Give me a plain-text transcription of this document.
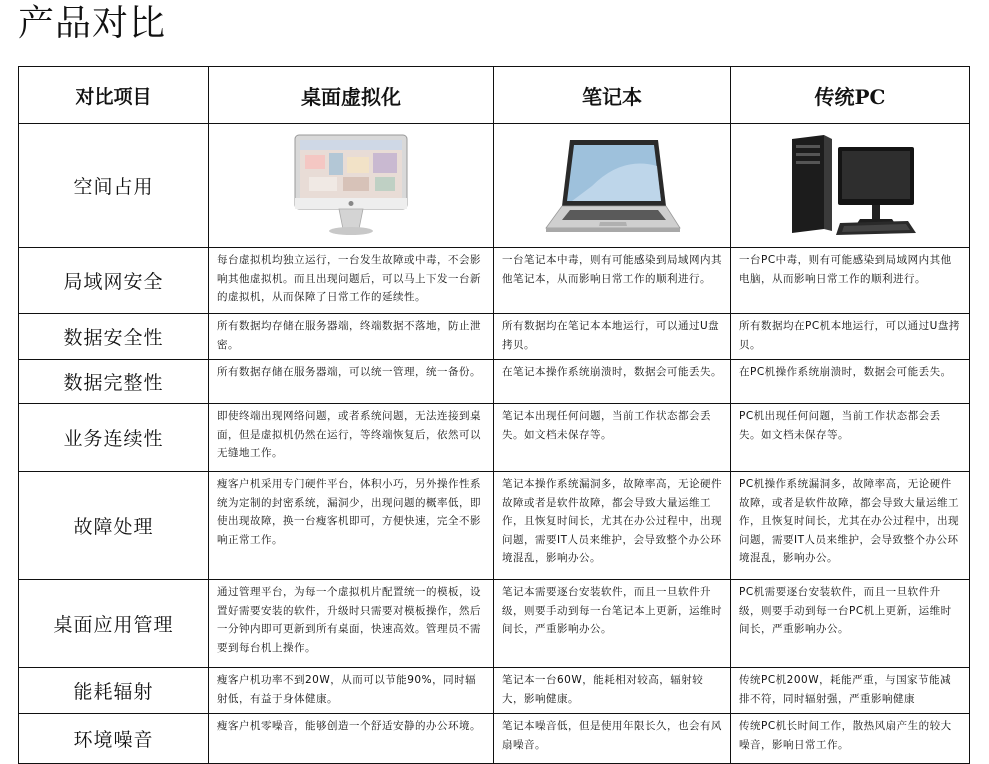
产品对比
对比项目	桌面虚拟化	笔记本	传统PC
空间占用	

局域网安全	每台虚拟机均独立运行，一台发生故障或中毒，不会影响其他虚拟机。而且出现问题后，可以马上下发一台新的虚拟机，从而保障了日常工作的延续性。	一台笔记本中毒，则有可能感染到局域网内其他笔记本，从而影响日常工作的顺利进行。	一台PC中毒，则有可能感染到局域网内其他电脑，从而影响日常工作的顺利进行。
数据安全性	所有数据均存储在服务器端，终端数据不落地，防止泄密。	所有数据均在笔记本本地运行，可以通过U盘拷贝。	所有数据均在PC机本地运行，可以通过U盘拷贝。
数据完整性	所有数据存储在服务器端，可以统一管理，统一备份。	在笔记本操作系统崩溃时，数据会可能丢失。	在PC机操作系统崩溃时，数据会可能丢失。
业务连续性	即使终端出现网络问题，或者系统问题，无法连接到桌面，但是虚拟机仍然在运行，等终端恢复后，依然可以无缝地工作。	笔记本出现任何问题，当前工作状态都会丢失。如文档未保存等。	PC机出现任何问题，当前工作状态都会丢失。如文档未保存等。
故障处理	瘦客户机采用专门硬件平台，体积小巧，另外操作性系统为定制的封密系统，漏洞少，出现问题的概率低，即使出现故障，换一台瘦客机即可，方便快速，完全不影响正常工作。	笔记本操作系统漏洞多，故障率高，无论硬件故障或者是软件故障，都会导致大量运维工作，且恢复时间长，尤其在办公过程中，出现问题，需要IT人员来维护，会导致整个办公环境混乱，影响办公。	PC机操作系统漏洞多，故障率高，无论硬件故障，或者是软件故障，都会导致大量运维工作，且恢复时间长，尤其在办公过程中，出现问题，需要IT人员来维护，会导致整个办公环境混乱，影响办公。
桌面应用管理	通过管理平台，为每一个虚拟机片配置统一的模板，设置好需要安装的软件，升级时只需要对模板操作，然后一分钟内即可更新到所有桌面，快速高效。管理员不需要到每台机上操作。	笔记本需要逐台安装软件，而且一旦软件升级，则要手动到每一台笔记本上更新，运维时间长，严重影响办公。	PC机需要逐台安装软件，而且一旦软件升级，则要手动到每一台PC机上更新，运维时间长，严重影响办公。
能耗辐射	瘦客户机功率不到20W，从而可以节能90%，同时辐射低，有益于身体健康。	笔记本一台60W，能耗相对较高，辐射较大，影响健康。	传统PC机200W，耗能严重，与国家节能减排不符，同时辐射强，严重影响健康
环境噪音	瘦客户机零噪音，能够创造一个舒适安静的办公环境。	笔记本噪音低，但是使用年限长久，也会有风扇噪音。	传统PC机长时间工作，散热风扇产生的较大噪音，影响日常工作。
